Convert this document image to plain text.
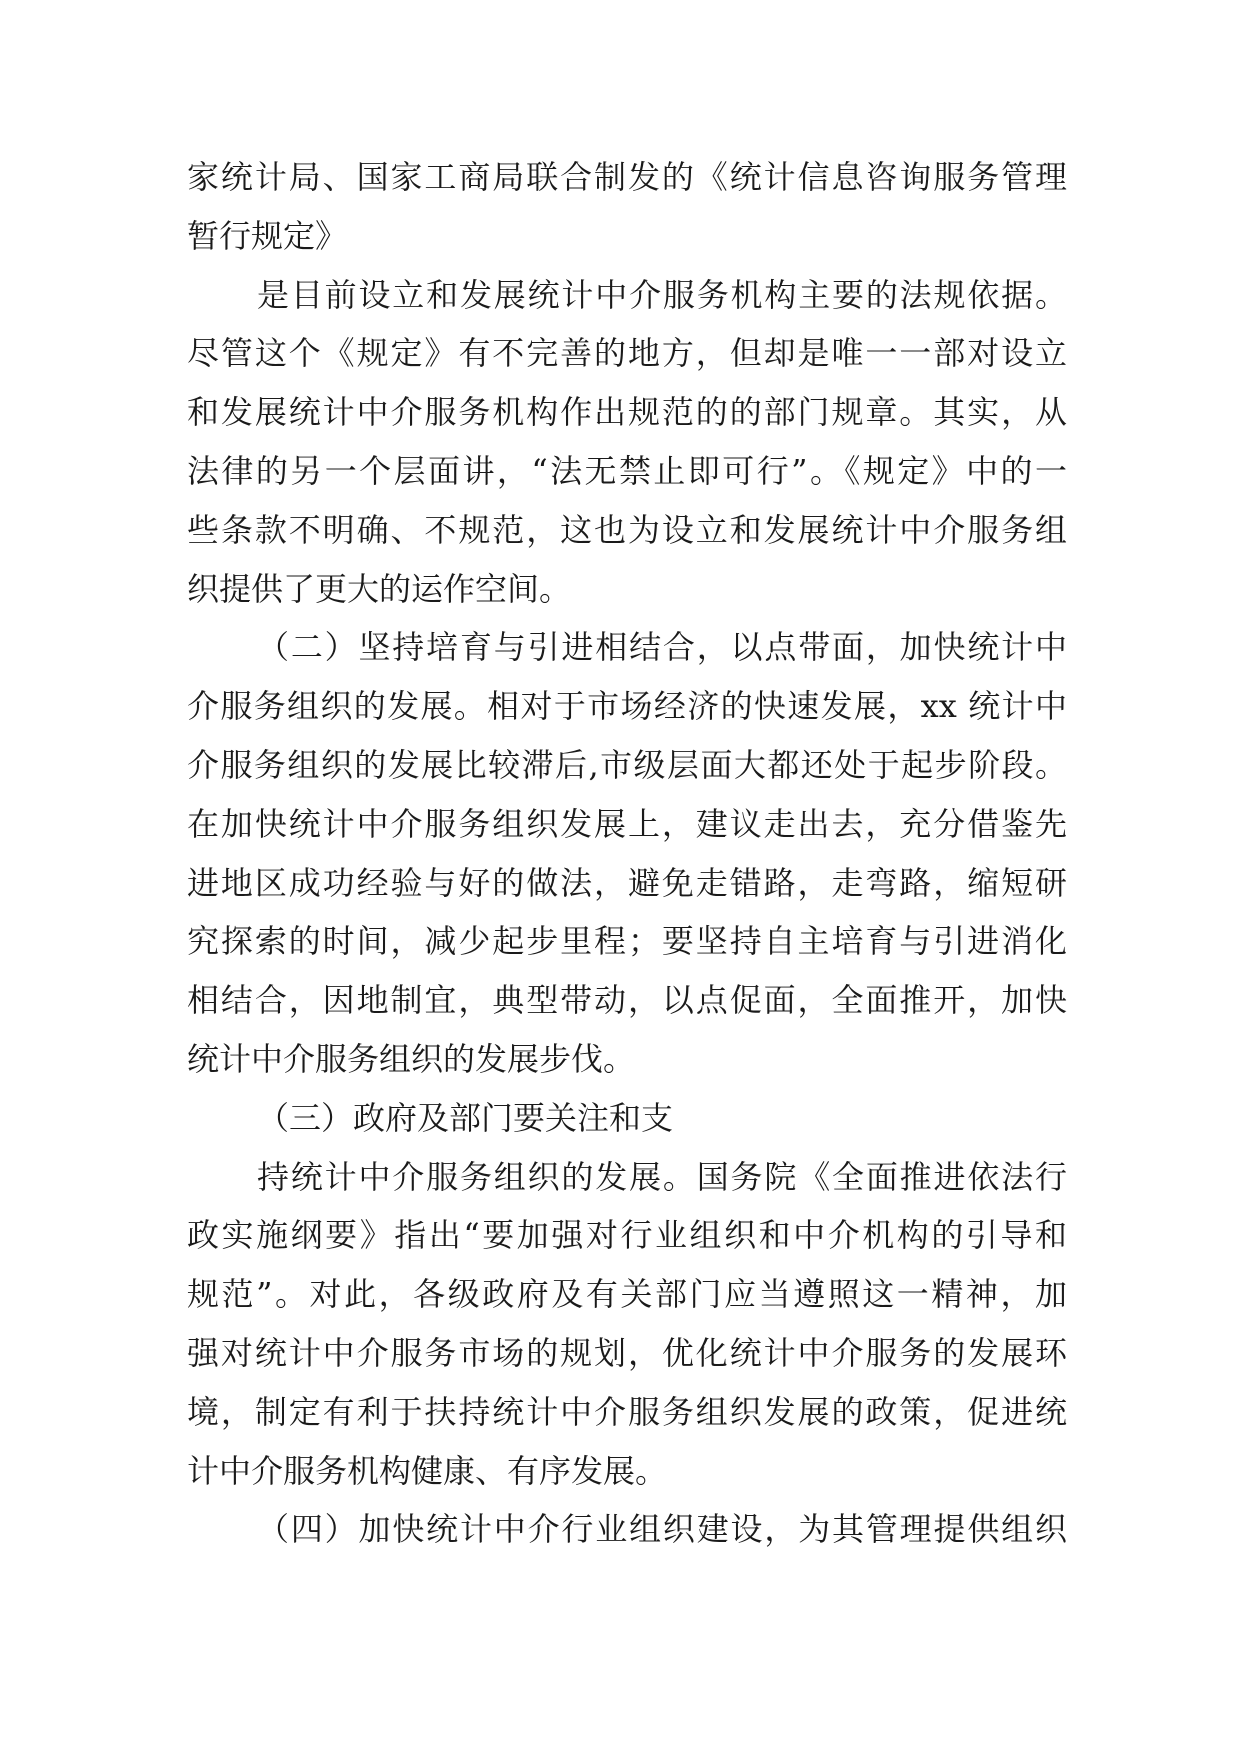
家统计局、国家工商局联合制发的《统计信息咨询服务管理
暂行规定》
是目前设立和发展统计中介服务机构主要的法规依据。
尽管这个《规定》有不完善的地方，但却是唯一一部对设立
和发展统计中介服务机构作出规范的的部门规章。其实，从
法律的另一个层面讲，“法无禁止即可行”。《规定》中的一
些条款不明确、不规范，这也为设立和发展统计中介服务组
织提供了更大的运作空间。
（二）坚持培育与引进相结合，以点带面，加快统计中
介服务组织的发展。相对于市场经济的快速发展，xx 统计中
介服务组织的发展比较滞后,市级层面大都还处于起步阶段。
在加快统计中介服务组织发展上，建议走出去，充分借鉴先
进地区成功经验与好的做法，避免走错路，走弯路，缩短研
究探索的时间，减少起步里程；要坚持自主培育与引进消化
相结合，因地制宜，典型带动，以点促面，全面推开，加快
统计中介服务组织的发展步伐。
（三）政府及部门要关注和支
持统计中介服务组织的发展。国务院《全面推进依法行
政实施纲要》指出“要加强对行业组织和中介机构的引导和
规范”。对此，各级政府及有关部门应当遵照这一精神，加
强对统计中介服务市场的规划，优化统计中介服务的发展环
境，制定有利于扶持统计中介服务组织发展的政策，促进统
计中介服务机构健康、有序发展。
（四）加快统计中介行业组织建设，为其管理提供组织
